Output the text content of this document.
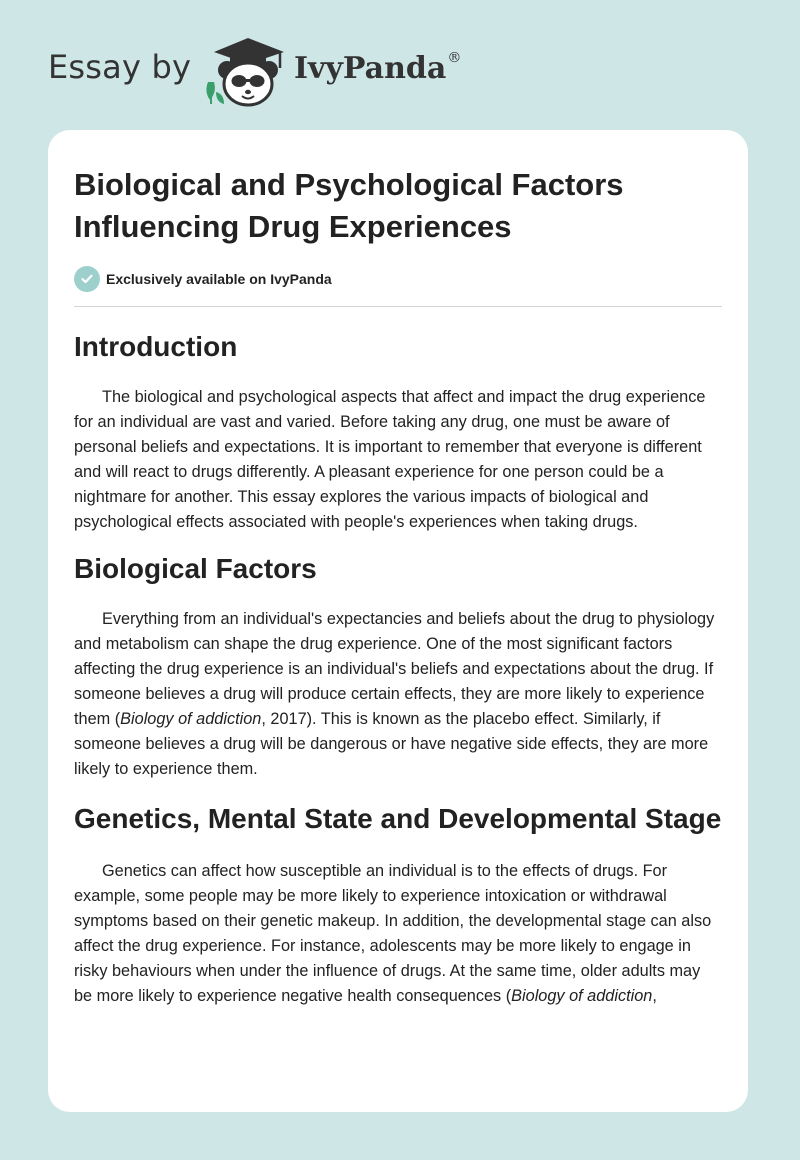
Essay by	IvyPanda®
Biological and Psychological Factors Influencing Drug Experiences
Exclusively available on IvyPanda
Introduction

The biological and psychological aspects that affect and impact the drug experience for an individual are vast and varied. Before taking any drug, one must be aware of personal beliefs and expectations. It is important to remember that everyone is different and will react to drugs differently. A pleasant experience for one person could be a nightmare for another. This essay explores the various impacts of biological and psychological effects associated with people's experiences when taking drugs.

Biological Factors

Everything from an individual's expectancies and beliefs about the drug to physiology and metabolism can shape the drug experience. One of the most significant factors affecting the drug experience is an individual's beliefs and expectations about the drug. If someone believes a drug will produce certain effects, they are more likely to experience them (Biology of addiction, 2017). This is known as the placebo effect. Similarly, if someone believes a drug will be dangerous or have negative side effects, they are more likely to experience them.

Genetics, Mental State and Developmental Stage

Genetics can affect how susceptible an individual is to the effects of drugs. For example, some people may be more likely to experience intoxication or withdrawal symptoms based on their genetic makeup. In addition, the developmental stage can also affect the drug experience. For instance, adolescents may be more likely to engage in risky behaviours when under the influence of drugs. At the same time, older adults may be more likely to experience negative health consequences (Biology of addiction,
